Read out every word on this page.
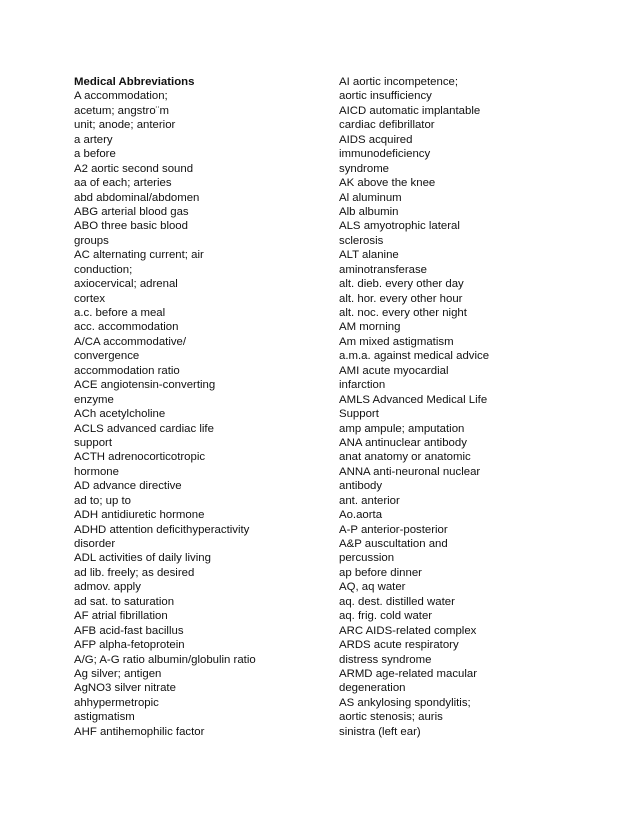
Medical Abbreviations
A accommodation;
acetum; angstro¨m
unit; anode; anterior
a artery
a before
A2 aortic second sound
aa of each; arteries
abd abdominal/abdomen
ABG arterial blood gas
ABO three basic blood
groups
AC alternating current; air
conduction;
axiocervical; adrenal
cortex
a.c. before a meal
acc. accommodation
A/CA accommodative/
convergence
accommodation ratio
ACE angiotensin-converting
enzyme
ACh acetylcholine
ACLS advanced cardiac life
support
ACTH adrenocorticotropic
hormone
AD advance directive
ad to; up to
ADH antidiuretic hormone
ADHD attention deficithyperactivity
disorder
ADL activities of daily living
ad lib. freely; as desired
admov. apply
ad sat. to saturation
AF atrial fibrillation
AFB acid-fast bacillus
AFP alpha-fetoprotein
A/G; A-G ratio albumin/globulin ratio
Ag silver; antigen
AgNO3 silver nitrate
ahhypermetropic
astigmatism
AHF antihemophilic factor
AI aortic incompetence;
aortic insufficiency
AICD automatic implantable
cardiac defibrillator
AIDS acquired
immunodeficiency
syndrome
AK above the knee
Al aluminum
Alb albumin
ALS amyotrophic lateral
sclerosis
ALT alanine
aminotransferase
alt. dieb. every other day
alt. hor. every other hour
alt. noc. every other night
AM morning
Am mixed astigmatism
a.m.a. against medical advice
AMI acute myocardial
infarction
AMLS Advanced Medical Life
Support
amp ampule; amputation
ANA antinuclear antibody
anat anatomy or anatomic
ANNA anti-neuronal nuclear
antibody
ant. anterior
Ao.aorta
A-P anterior-posterior
A&P auscultation and
percussion
ap before dinner
AQ, aq water
aq. dest. distilled water
aq. frig. cold water
ARC AIDS-related complex
ARDS acute respiratory
distress syndrome
ARMD age-related macular
degeneration
AS ankylosing spondylitis;
aortic stenosis; auris
sinistra (left ear)
